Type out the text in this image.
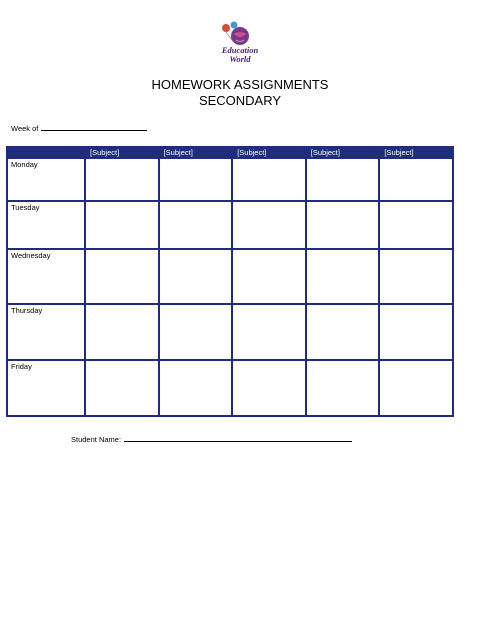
Education
World
HOMEWORK ASSIGNMENTS
SECONDARY
Week of
	[Subject]	[Subject]	[Subject]	[Subject]	[Subject]
Monday					
Tuesday					
Wednesday					
Thursday					
Friday					
Student Name:
